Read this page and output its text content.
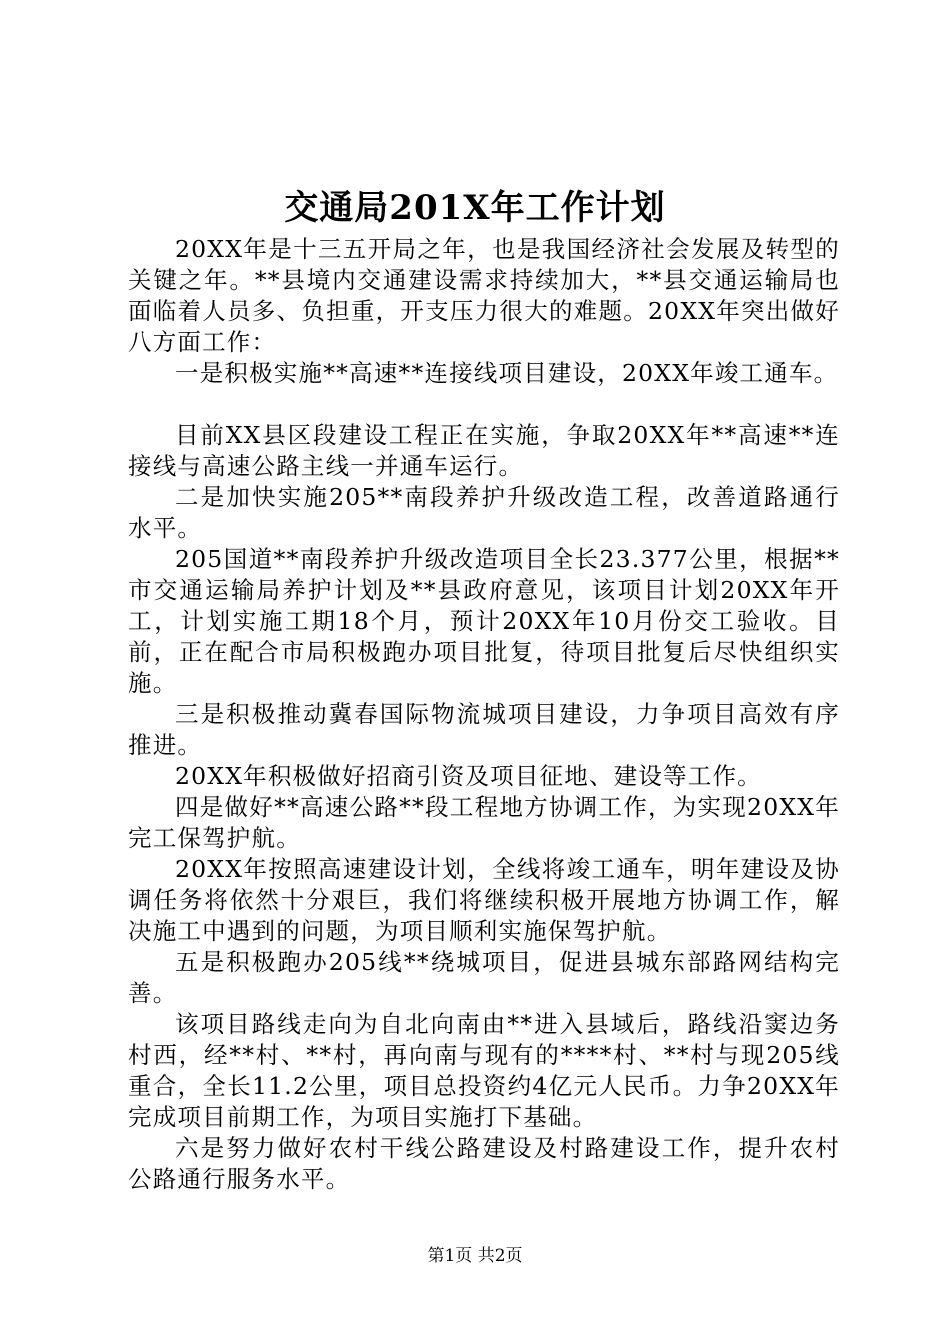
交通局201X年工作计划

20XX年是十三五开局之年，也是我国经济社会发展及转型的关键之年。**县境内交通建设需求持续加大，**县交通运输局也面临着人员多、负担重，开支压力很大的难题。20XX年突出做好八方面工作：

一是积极实施**高速**连接线项目建设，20XX年竣工通车。

目前XX县区段建设工程正在实施，争取20XX年**高速**连接线与高速公路主线一并通车运行。

二是加快实施205**南段养护升级改造工程，改善道路通行水平。

205国道**南段养护升级改造项目全长23.377公里，根据**市交通运输局养护计划及**县政府意见，该项目计划20XX年开工，计划实施工期18个月，预计20XX年10月份交工验收。目前，正在配合市局积极跑办项目批复，待项目批复后尽快组织实施。

三是积极推动冀春国际物流城项目建设，力争项目高效有序推进。

20XX年积极做好招商引资及项目征地、建设等工作。

四是做好**高速公路**段工程地方协调工作，为实现20XX年完工保驾护航。

20XX年按照高速建设计划，全线将竣工通车，明年建设及协调任务将依然十分艰巨，我们将继续积极开展地方协调工作，解决施工中遇到的问题，为项目顺利实施保驾护航。

五是积极跑办205线**绕城项目，促进县城东部路网结构完善。

该项目路线走向为自北向南由**进入县域后，路线沿窦边务村西，经**村、**村，再向南与现有的****村、**村与现205线重合，全长11.2公里，项目总投资约4亿元人民币。力争20XX年完成项目前期工作，为项目实施打下基础。

六是努力做好农村干线公路建设及村路建设工作，提升农村公路通行服务水平。

第1页 共2页
